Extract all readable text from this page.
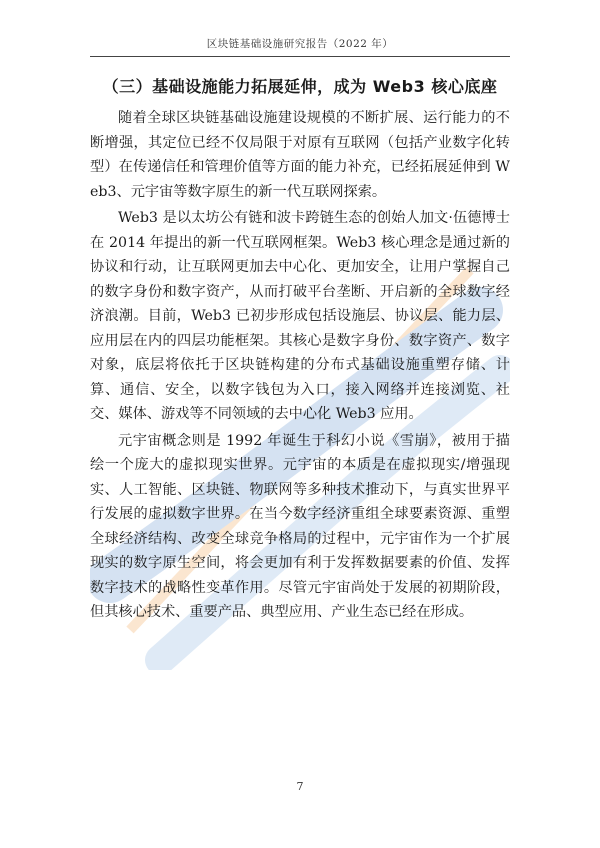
区块链基础设施研究报告（2022 年）
（三）基础设施能力拓展延伸，成为 Web3 核心底座

随着全球区块链基础设施建设规模的不断扩展、运行能力的不断增强，其定位已经不仅局限于对原有互联网（包括产业数字化转型）在传递信任和管理价值等方面的能力补充，已经拓展延伸到 Web3、元宇宙等数字原生的新一代互联网探索。

Web3 是以太坊公有链和波卡跨链生态的创始人加文·伍德博士在 2014 年提出的新一代互联网框架。Web3 核心理念是通过新的协议和行动，让互联网更加去中心化、更加安全，让用户掌握自己的数字身份和数字资产，从而打破平台垄断、开启新的全球数字经济浪潮。目前，Web3 已初步形成包括设施层、协议层、能力层、应用层在内的四层功能框架。其核心是数字身份、数字资产、数字对象，底层将依托于区块链构建的分布式基础设施重塑存储、计算、通信、安全，以数字钱包为入口，接入网络并连接浏览、社交、媒体、游戏等不同领域的去中心化 Web3 应用。

元宇宙概念则是 1992 年诞生于科幻小说《雪崩》，被用于描绘一个庞大的虚拟现实世界。元宇宙的本质是在虚拟现实/增强现实、人工智能、区块链、物联网等多种技术推动下，与真实世界平行发展的虚拟数字世界。在当今数字经济重组全球要素资源、重塑全球经济结构、改变全球竞争格局的过程中，元宇宙作为一个扩展现实的数字原生空间，将会更加有利于发挥数据要素的价值、发挥数字技术的战略性变革作用。尽管元宇宙尚处于发展的初期阶段，但其核心技术、重要产品、典型应用、产业生态已经在形成。

7
